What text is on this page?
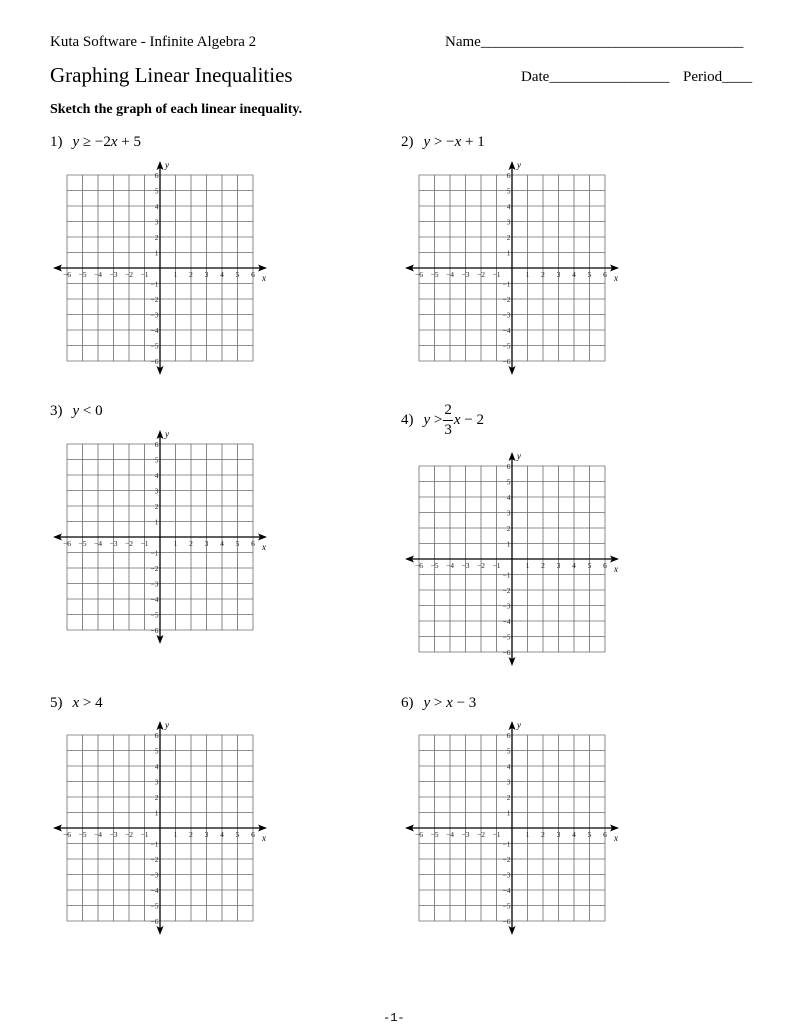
Kuta Software - Infinite Algebra 2	Name___________________________________
Graphing Linear Inequalities	Date________________ Period____
Sketch the graph of each linear inequality.
1) y ≥ −2x + 5	2) y > −x + 1
3) y < 0
4) $y > \frac{2}{3}$ x − 2
5) x > 4	6) y > x − 3
x
y
−6 −5 −4 −3 −2 −1	1 2 3 4 5 6
6
5
4
3
2
1
−1
−2
−3
−4
−5
−6
x
y
−6 −5 −4 −3 −2 −1	1 2 3 4 5 6
6
5
4
3
2
1
−1
−2
−3
−4
−5
−6
x
y
−6 −5 −4 −3 −2 −1	1 2 3 4 5 6
6
5
4
3
2
1
−1
−2
−3
−4
−5
−6
x
y
−6 −5 −4 −3 −2 −1	1 2 3 4 5 6
6
5
4
3
2
1
−1
−2
−3
−4
−5
−6
x
y
−6 −5 −4 −3 −2 −1	1 2 3 4 5 6
6
5
4
3
2
1
−1
−2
−3
−4
−5
−6
x
y
−6 −5 −4 −3 −2 −1	1 2 3 4 5 6
6
5
4
3
2
1
−1
−2
−3
−4
−5
−6
-1-
